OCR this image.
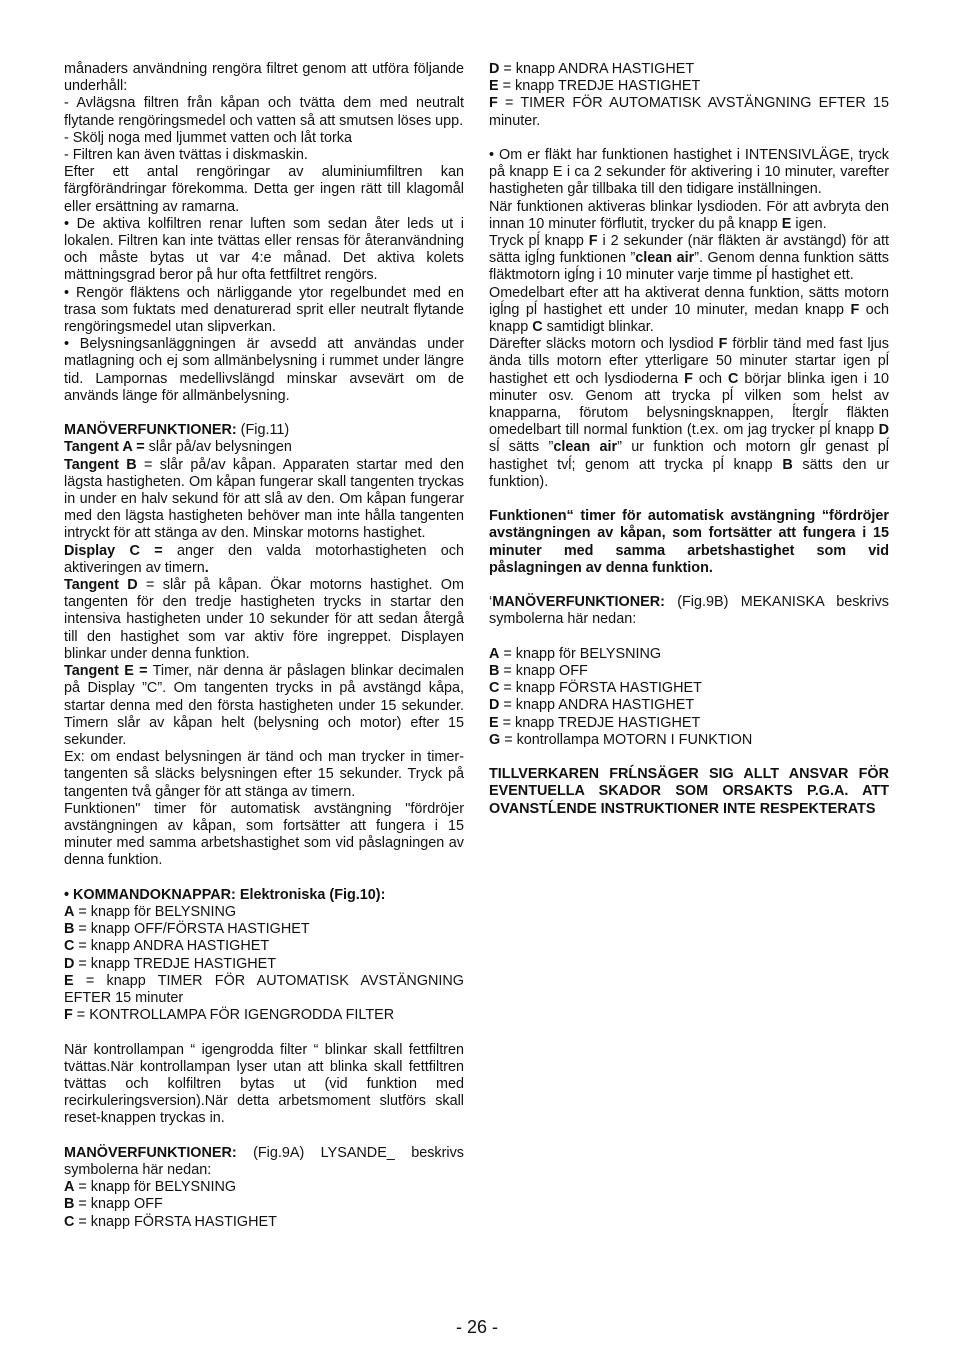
månaders användning rengöra filtret genom att utföra följande underhåll:

- Avlägsna filtren från kåpan och tvätta dem med neutralt flytande rengöringsmedel och vatten så att smutsen löses upp.

- Skölj noga med ljummet vatten och låt torka

- Filtren kan även tvättas i diskmaskin.

Efter ett antal rengöringar av aluminiumfiltren kan färgförändringar förekomma. Detta ger ingen rätt till klagomål eller ersättning av ramarna.

• De aktiva kolfiltren renar luften som sedan åter leds ut i lokalen. Filtren kan inte tvättas eller rensas för återanvändning och måste bytas ut var 4:e månad. Det aktiva kolets mättningsgrad beror på hur ofta fettfiltret rengörs.

• Rengör fläktens och närliggande ytor regelbundet med en trasa som fuktats med denaturerad sprit eller neutralt flytande rengöringsmedel utan slipverkan.

• Belysningsanläggningen är avsedd att användas under matlagning och ej som allmänbelysning i rummet under längre tid. Lampornas medellivslängd minskar avsevärt om de används länge för allmänbelysning.

MANÖVERFUNKTIONER: (Fig.11)

Tangent A = slår på/av belysningen

Tangent B = slår på/av kåpan. Apparaten startar med den lägsta hastigheten. Om kåpan fungerar skall tangenten tryckas in under en halv sekund för att slå av den. Om kåpan fungerar med den lägsta hastigheten behöver man inte hålla tangenten intryckt för att stänga av den. Minskar motorns hastighet.

Display C = anger den valda motorhastigheten och aktiveringen av timern.

Tangent D = slår på kåpan. Ökar motorns hastighet. Om tangenten för den tredje hastigheten trycks in startar den intensiva hastigheten under 10 sekunder för att sedan återgå till den hastighet som var aktiv före ingreppet. Displayen blinkar under denna funktion.

Tangent E = Timer, när denna är påslagen blinkar decimalen på Display ”C”. Om tangenten trycks in på avstängd kåpa, startar denna med den första hastigheten under 15 sekunder. Timern slår av kåpan helt (belysning och motor) efter 15 sekunder.

Ex: om endast belysningen är tänd och man trycker in timer-tangenten så släcks belysningen efter 15 sekunder. Tryck på tangenten två gånger för att stänga av timern.

Funktionen" timer för automatisk avstängning "fördröjer avstängningen av kåpan, som fortsätter att fungera i 15 minuter med samma arbetshastighet som vid påslagningen av denna funktion.

• KOMMANDOKNAPPAR: Elektroniska (Fig.10):

A = knapp för BELYSNING

B = knapp OFF/FÖRSTA HASTIGHET

C = knapp ANDRA HASTIGHET

D = knapp TREDJE HASTIGHET

E = knapp TIMER FÖR AUTOMATISK AVSTÄNGNING EFTER 15 minuter

F = KONTROLLAMPA FÖR IGENGRODDA FILTER

När kontrollampan “ igengrodda filter “ blinkar skall fettfiltren tvättas.När kontrollampan lyser utan att blinka skall fettfiltren tvättas och kolfiltren bytas ut (vid funktion med recirkuleringsversion).När detta arbetsmoment slutförs skall reset-knappen tryckas in.

MANÖVERFUNKTIONER: (Fig.9A) LYSANDE_ beskrivs symbolerna här nedan:

A = knapp för BELYSNING

B = knapp OFF

C = knapp FÖRSTA HASTIGHET

D = knapp ANDRA HASTIGHET

E = knapp TREDJE HASTIGHET

F = TIMER FÖR AUTOMATISK AVSTÄNGNING EFTER 15 minuter.

• Om er fläkt har funktionen hastighet i INTENSIVLÄGE, tryck på knapp E i ca 2 sekunder för aktivering i 10 minuter, varefter hastigheten går tillbaka till den tidigare inställningen.

När funktionen aktiveras blinkar lysdioden. För att avbryta den innan 10 minuter förflutit, trycker du på knapp E igen.

Tryck pĺ knapp F i 2 sekunder (när fläkten är avstängd) för att sätta igĺng funktionen ”clean air”. Genom denna funktion sätts fläktmotorn igĺng i 10 minuter varje timme pĺ hastighet ett.

Omedelbart efter att ha aktiverat denna funktion, sätts motorn igĺng pĺ hastighet ett under 10 minuter, medan knapp F och knapp C samtidigt blinkar.

Därefter släcks motorn och lysdiod F förblir tänd med fast ljus ända tills motorn efter ytterligare 50 minuter startar igen pĺ hastighet ett och lysdioderna F och C börjar blinka igen i 10 minuter osv. Genom att trycka pĺ vilken som helst av knapparna, förutom belysningsknappen, ĺtergĺr fläkten omedelbart till normal funktion (t.ex. om jag trycker pĺ knapp D sĺ sätts ”clean air” ur funktion och motorn gĺr genast pĺ hastighet tvĺ; genom att trycka pĺ knapp B sätts den ur funktion).

Funktionen“ timer för automatisk avstängning “fördröjer avstängningen av kåpan, som fortsätter att fungera i 15 minuter med samma arbetshastighet som vid påslagningen av denna funktion.

‘MANÖVERFUNKTIONER: (Fig.9B) MEKANISKA beskrivs symbolerna här nedan:

A = knapp för BELYSNING

B = knapp OFF

C = knapp FÖRSTA HASTIGHET

D = knapp ANDRA HASTIGHET

E = knapp TREDJE HASTIGHET

G = kontrollampa MOTORN I FUNKTION

TILLVERKAREN FRĹNSÄGER SIG ALLT ANSVAR FÖR EVENTUELLA SKADOR SOM ORSAKTS P.G.A. ATT OVANSTĹENDE INSTRUKTIONER INTE RESPEKTERATS

- 26 -
